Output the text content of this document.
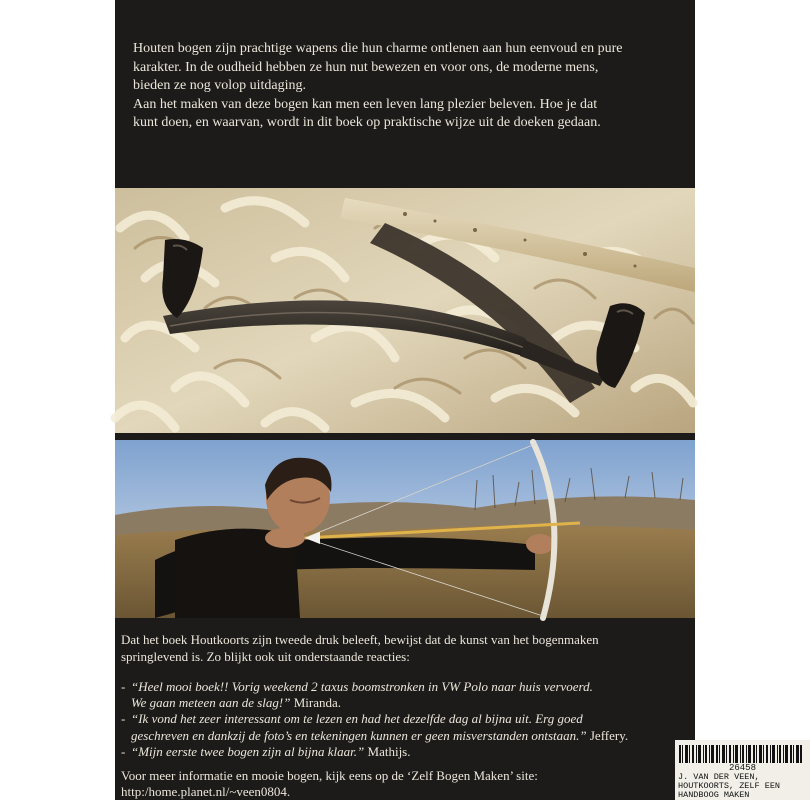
Houten bogen zijn prachtige wapens die hun charme ontlenen aan hun eenvoud en pure

karakter. In de oudheid hebben ze hun nut bewezen en voor ons, de moderne mens,

bieden ze nog volop uitdaging.

Aan het maken van deze bogen kan men een leven lang plezier beleven. Hoe je dat

kunt doen, en waarvan, wordt in dit boek op praktische wijze uit de doeken gedaan.

Dat het boek Houtkoorts zijn tweede druk beleeft, bewijst dat de kunst van het bogenmaken

springlevend is. Zo blijkt ook uit onderstaande reacties:

- “Heel mooi boek!! Vorig weekend 2 taxus boomstronken in VW Polo naar huis vervoerd.
We gaan meteen aan de slag!” Miranda.
- “Ik vond het zeer interessant om te lezen en had het dezelfde dag al bijna uit. Erg goed
geschreven en dankzij de foto’s en tekeningen kunnen er geen misverstanden ontstaan.” Jeffery.
- “Mijn eerste twee bogen zijn al bijna klaar.” Mathijs.

Voor meer informatie en mooie bogen, kijk eens op de ‘Zelf Bogen Maken’ site:

http:/home.planet.nl/~veen0804.

26458
J. VAN DER VEEN,
HOUTKOORTS, ZELF EEN
HANDBOOG MAKEN
